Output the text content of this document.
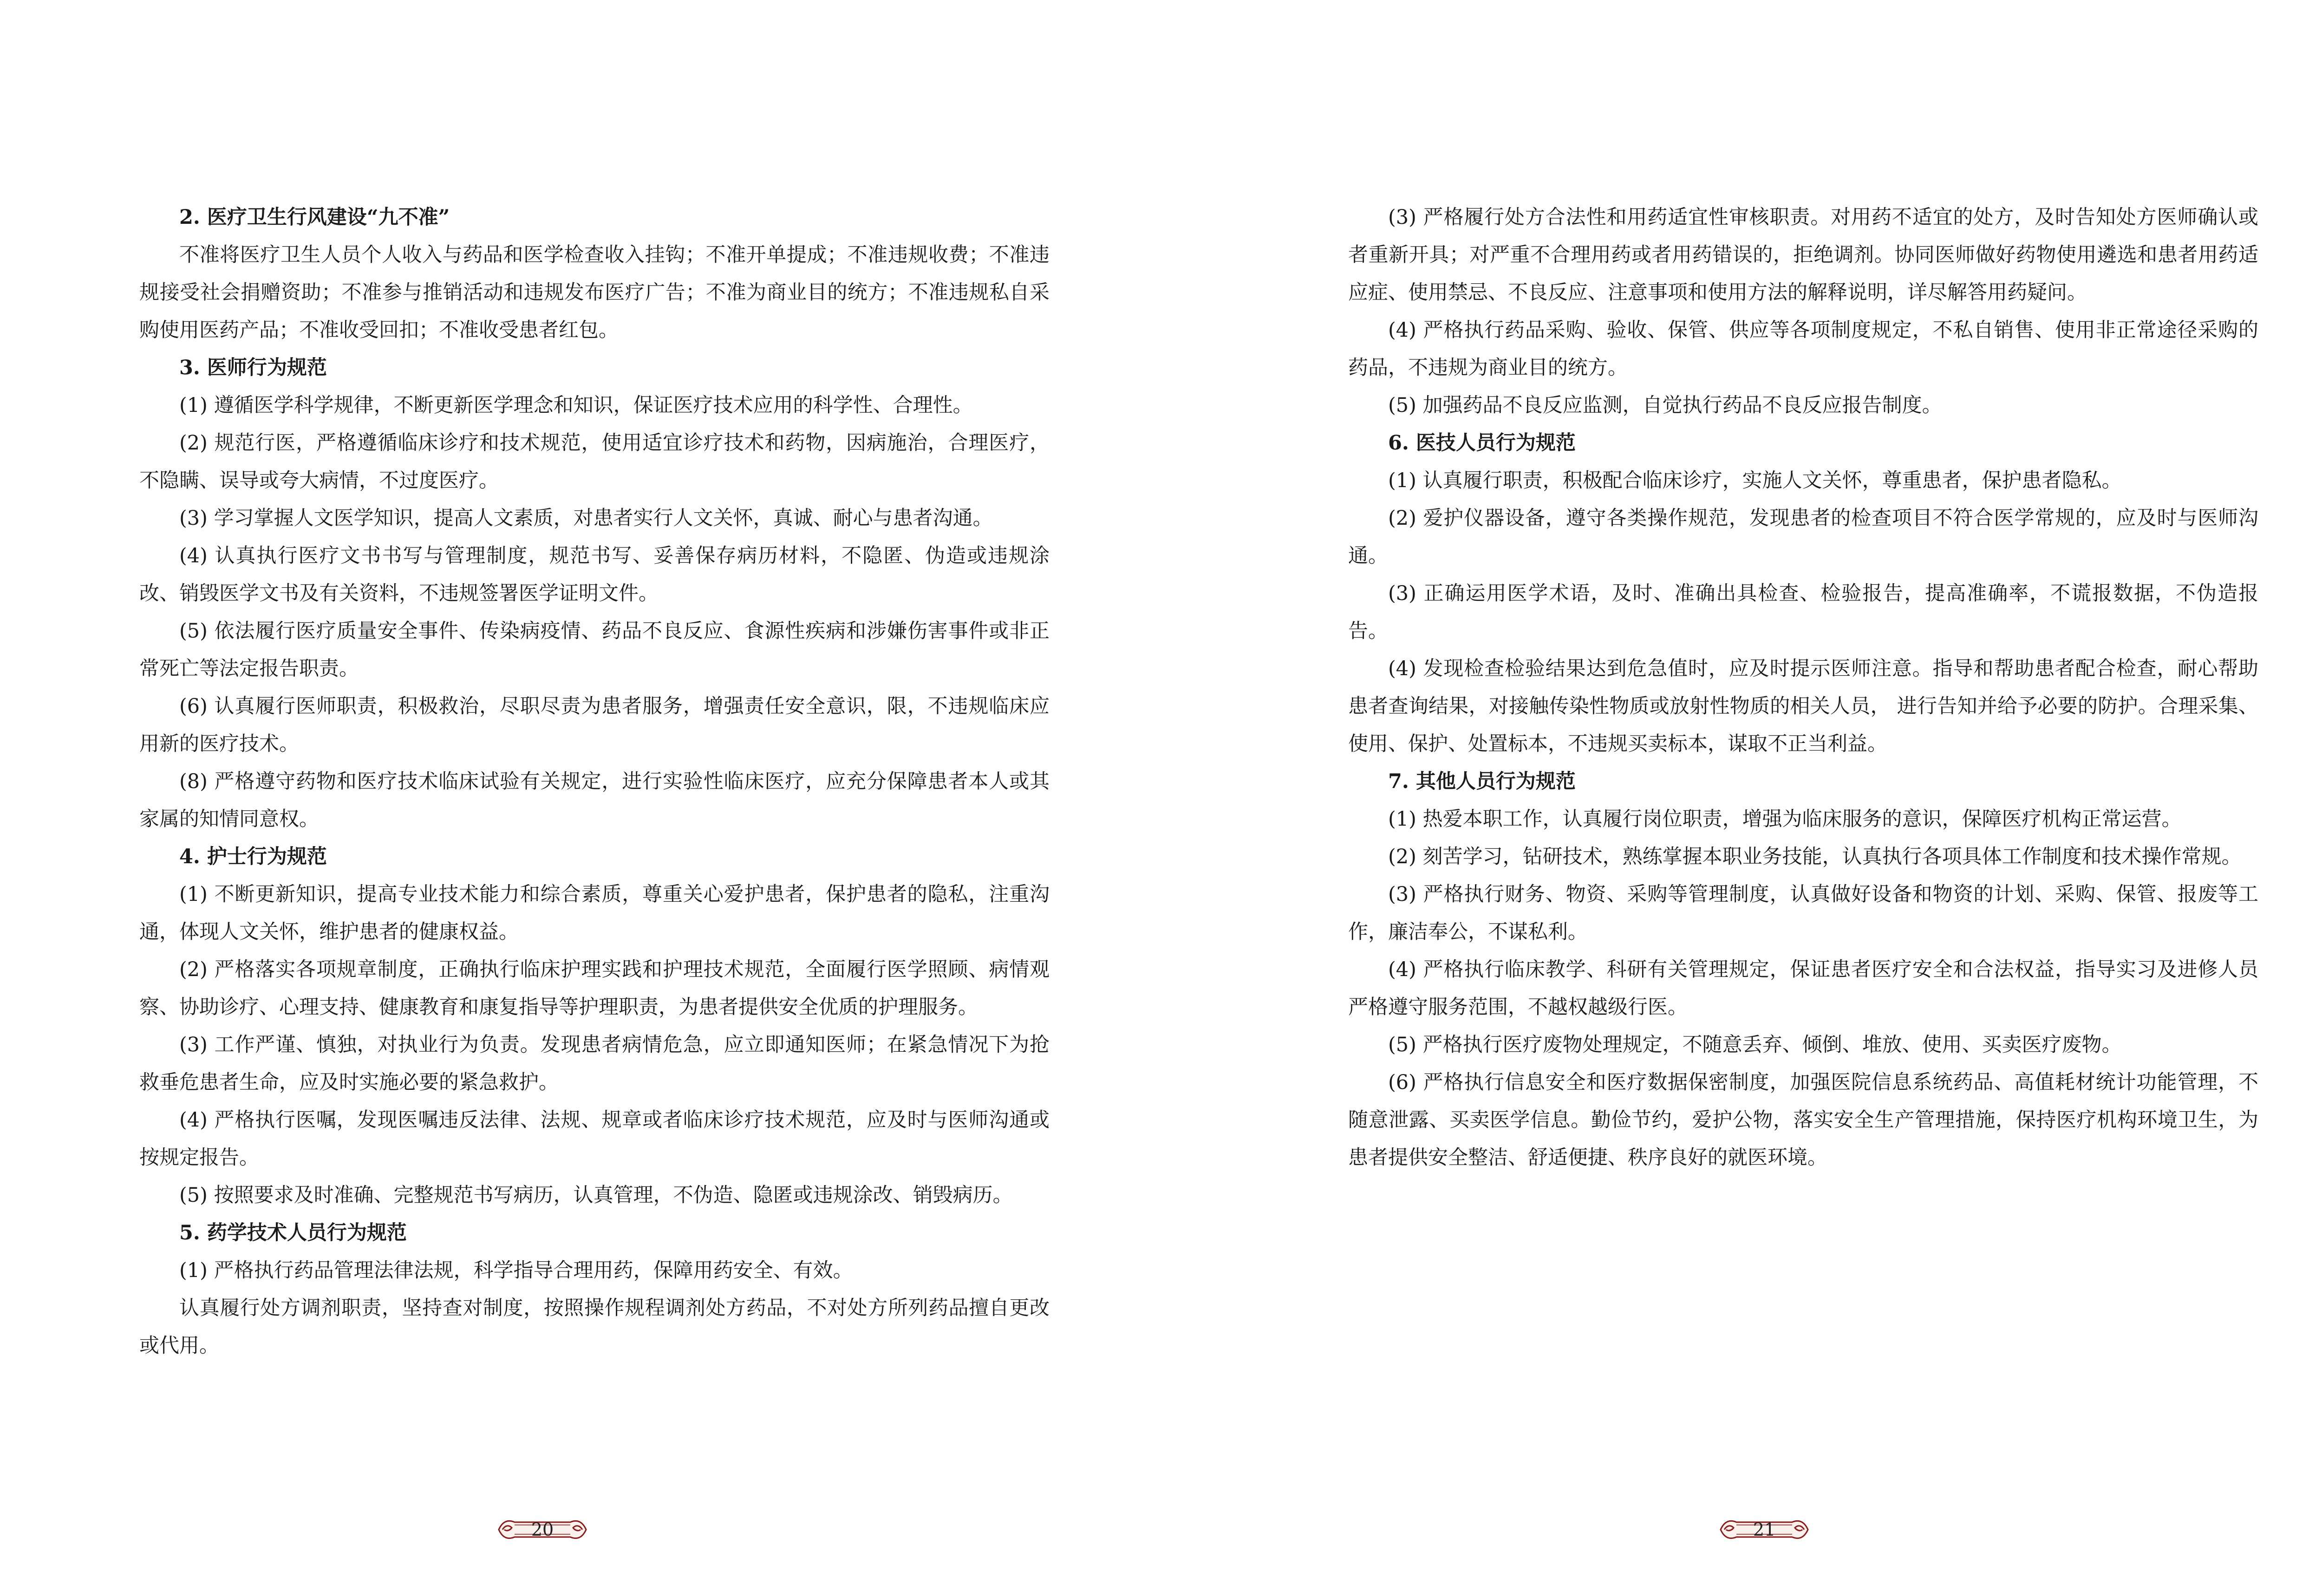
2. 医疗卫生行风建设“九不准”
不准将医疗卫生人员个人收入与药品和医学检查收入挂钩；不准开单提成；不准违规收费；不准违规接受社会捐赠资助；不准参与推销活动和违规发布医疗广告；不准为商业目的统方；不准违规私自采购使用医药产品；不准收受回扣；不准收受患者红包。
3. 医师行为规范
(1) 遵循医学科学规律，不断更新医学理念和知识，保证医疗技术应用的科学性、合理性。
(2) 规范行医，严格遵循临床诊疗和技术规范，使用适宜诊疗技术和药物，因病施治，合理医疗，不隐瞒、误导或夸大病情，不过度医疗。
(3) 学习掌握人文医学知识，提高人文素质，对患者实行人文关怀，真诚、耐心与患者沟通。
(4) 认真执行医疗文书书写与管理制度，规范书写、妥善保存病历材料，不隐匿、伪造或违规涂改、销毁医学文书及有关资料，不违规签署医学证明文件。
(5) 依法履行医疗质量安全事件、传染病疫情、药品不良反应、食源性疾病和涉嫌伤害事件或非正常死亡等法定报告职责。
(6) 认真履行医师职责，积极救治，尽职尽责为患者服务，增强责任安全意识，限，不违规临床应用新的医疗技术。
(8) 严格遵守药物和医疗技术临床试验有关规定，进行实验性临床医疗，应充分保障患者本人或其家属的知情同意权。
4. 护士行为规范
(1) 不断更新知识，提高专业技术能力和综合素质，尊重关心爱护患者，保护患者的隐私，注重沟通，体现人文关怀，维护患者的健康权益。
(2) 严格落实各项规章制度，正确执行临床护理实践和护理技术规范，全面履行医学照顾、病情观察、协助诊疗、心理支持、健康教育和康复指导等护理职责，为患者提供安全优质的护理服务。
(3) 工作严谨、慎独，对执业行为负责。发现患者病情危急，应立即通知医师；在紧急情况下为抢救垂危患者生命，应及时实施必要的紧急救护。
(4) 严格执行医嘱，发现医嘱违反法律、法规、规章或者临床诊疗技术规范，应及时与医师沟通或按规定报告。
(5) 按照要求及时准确、完整规范书写病历，认真管理，不伪造、隐匿或违规涂改、销毁病历。
5. 药学技术人员行为规范
(1) 严格执行药品管理法律法规，科学指导合理用药，保障用药安全、有效。
认真履行处方调剂职责，坚持查对制度，按照操作规程调剂处方药品，不对处方所列药品擅自更改或代用。
20
(3) 严格履行处方合法性和用药适宜性审核职责。对用药不适宜的处方，及时告知处方医师确认或者重新开具；对严重不合理用药或者用药错误的，拒绝调剂。协同医师做好药物使用遴选和患者用药适应症、使用禁忌、不良反应、注意事项和使用方法的解释说明，详尽解答用药疑问。
(4) 严格执行药品采购、验收、保管、供应等各项制度规定，不私自销售、使用非正常途径采购的药品，不违规为商业目的统方。
(5) 加强药品不良反应监测，自觉执行药品不良反应报告制度。
6. 医技人员行为规范
(1) 认真履行职责，积极配合临床诊疗，实施人文关怀，尊重患者，保护患者隐私。
(2) 爱护仪器设备，遵守各类操作规范，发现患者的检查项目不符合医学常规的，应及时与医师沟通。
(3) 正确运用医学术语，及时、准确出具检查、检验报告，提高准确率，不谎报数据，不伪造报告。
(4) 发现检查检验结果达到危急值时，应及时提示医师注意。指导和帮助患者配合检查，耐心帮助患者查询结果，对接触传染性物质或放射性物质的相关人员， 进行告知并给予必要的防护。合理采集、使用、保护、处置标本，不违规买卖标本，谋取不正当利益。
7. 其他人员行为规范
(1) 热爱本职工作，认真履行岗位职责，增强为临床服务的意识，保障医疗机构正常运营。
(2) 刻苦学习，钻研技术，熟练掌握本职业务技能，认真执行各项具体工作制度和技术操作常规。
(3) 严格执行财务、物资、采购等管理制度，认真做好设备和物资的计划、采购、保管、报废等工作，廉洁奉公，不谋私利。
(4) 严格执行临床教学、科研有关管理规定，保证患者医疗安全和合法权益，指导实习及进修人员严格遵守服务范围，不越权越级行医。
(5) 严格执行医疗废物处理规定，不随意丢弃、倾倒、堆放、使用、买卖医疗废物。
(6) 严格执行信息安全和医疗数据保密制度，加强医院信息系统药品、高值耗材统计功能管理，不随意泄露、买卖医学信息。勤俭节约，爱护公物，落实安全生产管理措施，保持医疗机构环境卫生，为患者提供安全整洁、舒适便捷、秩序良好的就医环境。
21
